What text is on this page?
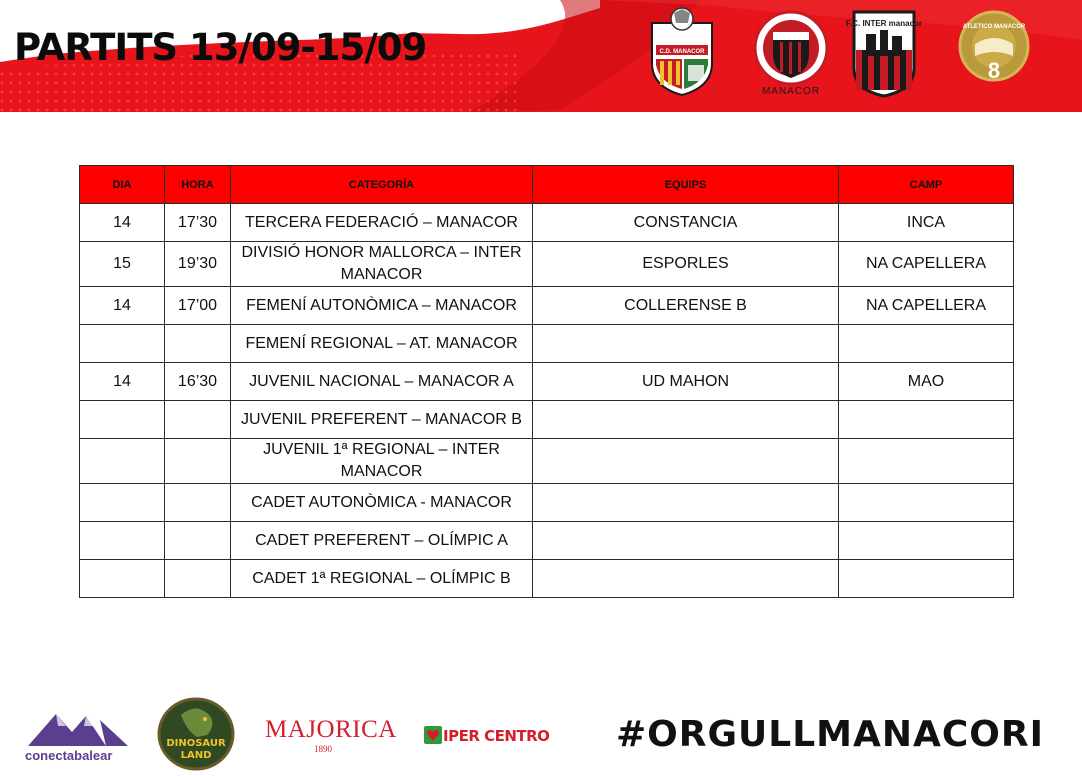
PARTITS 13/09-15/09	C.D. MANACOR
MANACOR
F.C. INTER manacor
8
ATLETICO MANACOR
DIA	HORA	CATEGORÍA	EQUIPS	CAMP
14	17’30	TERCERA FEDERACIÓ – MANACOR	CONSTANCIA	INCA
15	19’30	DIVISIÓ HONOR MALLORCA – INTER MANACOR	ESPORLES	NA CAPELLERA
14	17’00	FEMENÍ AUTONÒMICA – MANACOR	COLLERENSE B	NA CAPELLERA
		FEMENÍ REGIONAL – AT. MANACOR		
14	16’30	JUVENIL NACIONAL – MANACOR A	UD MAHON	MAO
		JUVENIL PREFERENT – MANACOR B		
		JUVENIL 1ª REGIONAL – INTER MANACOR		
		CADET AUTONÒMICA - MANACOR		
		CADET PREFERENT – OLÍMPIC A		
		CADET 1ª REGIONAL – OLÍMPIC B		
conectabalear
DINOSAUR
LAND
MAJORICA
1890
IPER CENTRO #ORGULLMANACORI
